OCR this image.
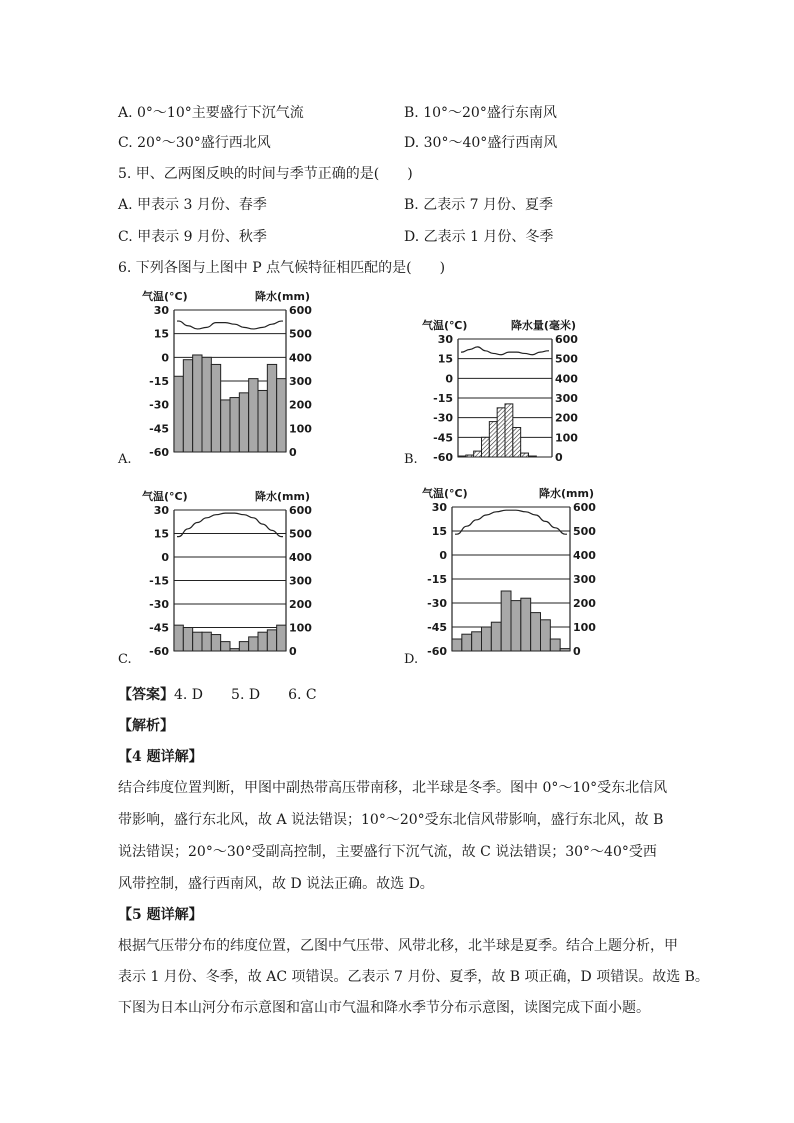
A. 0°～10°主要盛行下沉气流	B. 10°～20°盛行东南风
C. 20°～30°盛行西北风	D. 30°～40°盛行西南风
5. 甲、乙两图反映的时间与季节正确的是(　　)
A. 甲表示 3 月份、春季	B. 乙表示 7 月份、夏季
C. 甲表示 9 月份、秋季	D. 乙表示 1 月份、冬季
6. 下列各图与上图中 P 点气候特征相匹配的是(　　)
A.	B.
C.	D.
气温(°C)	降水(mm)
30	600
15	500
0	400
-15	300
-30	200
-45	100
-60	0
气温(℃)	降水量(毫米)
30	600
15	500
0	400
-15	300
-30	200
-45	100
-60	0
气温(°C)	降水(mm)
30	600
15	500
0	400
-15	300
-30	200
-45	100
-60	0
气温(°C)	降水(mm)
30	600
15	500
0	400
-15	300
-30	200
-45	100
-60	0
【答案】4. D　　5. D　　6. C
【解析】
【4 题详解】
结合纬度位置判断，甲图中副热带高压带南移，北半球是冬季。图中 0°～10°受东北信风
带影响，盛行东北风，故 A 说法错误；10°～20°受东北信风带影响，盛行东北风，故 B
说法错误；20°～30°受副高控制，主要盛行下沉气流，故 C 说法错误；30°～40°受西
风带控制，盛行西南风，故 D 说法正确。故选 D。
【5 题详解】
根据气压带分布的纬度位置，乙图中气压带、风带北移，北半球是夏季。结合上题分析，甲
表示 1 月份、冬季，故 AC 项错误。乙表示 7 月份、夏季，故 B 项正确，D 项错误。故选 B。
下图为日本山河分布示意图和富山市气温和降水季节分布示意图，读图完成下面小题。
